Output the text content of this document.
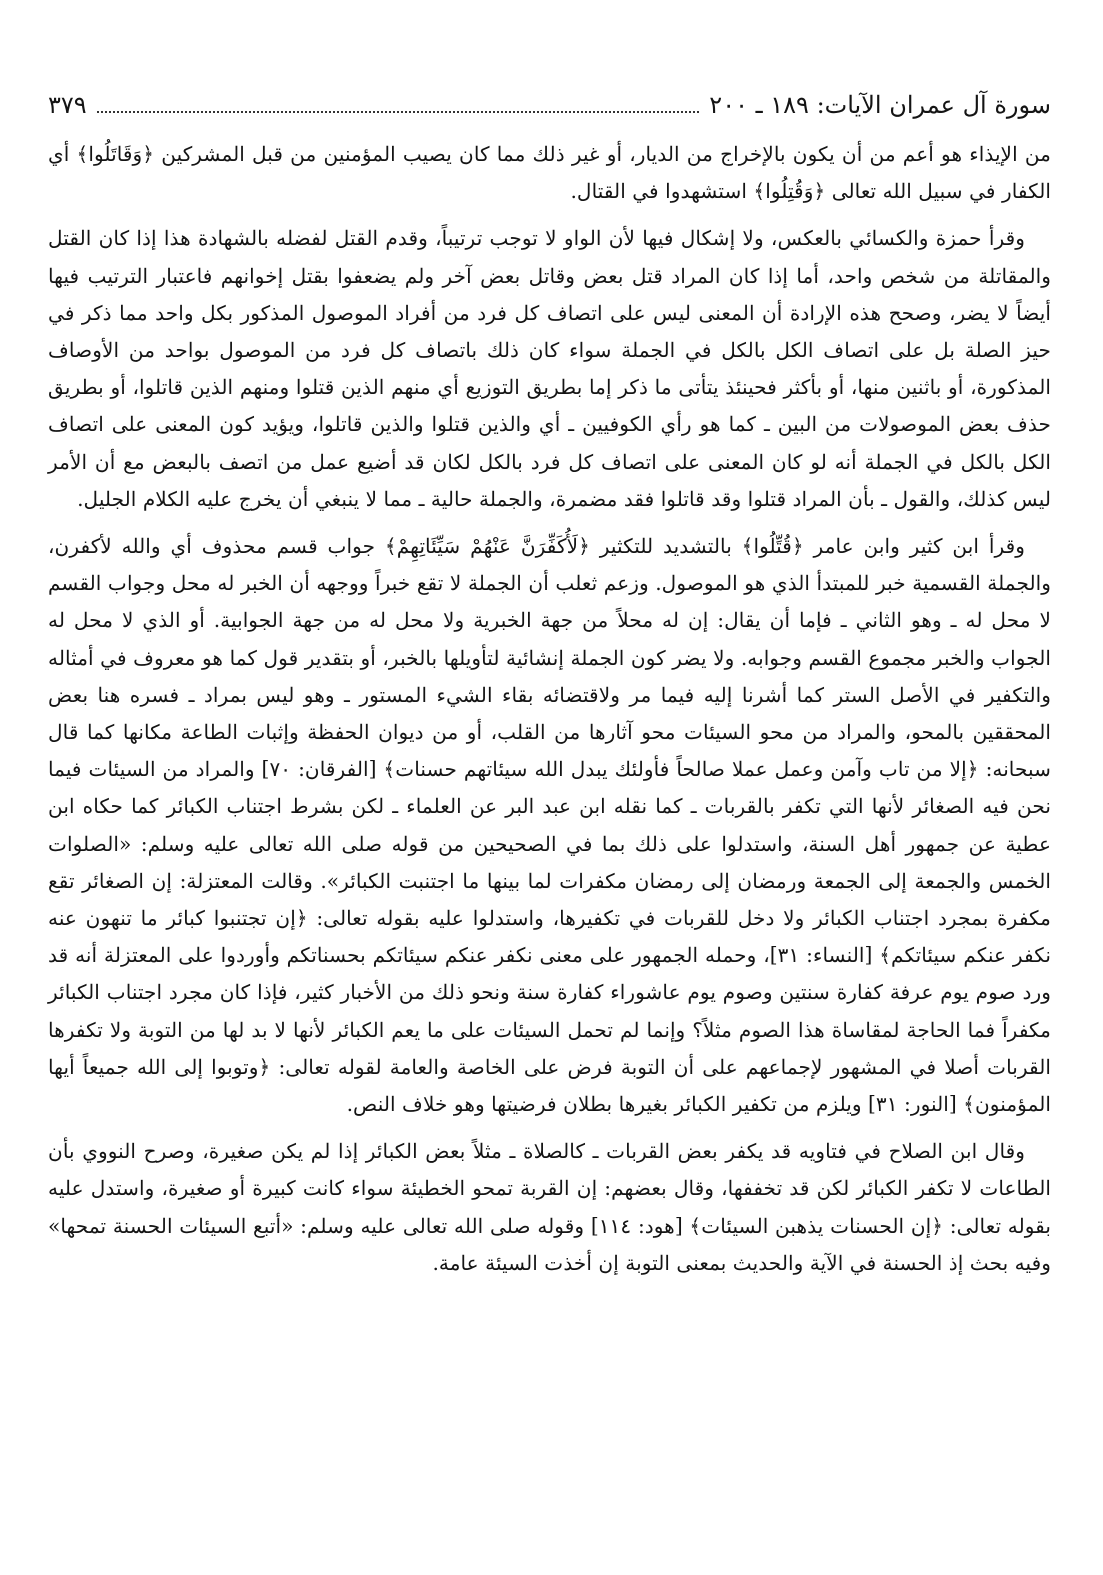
سورة آل عمران الآيات: ١٨٩ ـ ٢٠٠
٣٧٩

من الإيذاء هو أعم من أن يكون بالإخراج من الديار، أو غير ذلك مما كان يصيب المؤمنين من قبل المشركين ﴿وَقَاتَلُوا﴾ أي الكفار في سبيل الله تعالى ﴿وَقُتِلُوا﴾ استشهدوا في القتال.

وقرأ حمزة والكسائي بالعكس، ولا إشكال فيها لأن الواو لا توجب ترتيباً، وقدم القتل لفضله بالشهادة هذا إذا كان القتل والمقاتلة من شخص واحد، أما إذا كان المراد قتل بعض وقاتل بعض آخر ولم يضعفوا بقتل إخوانهم فاعتبار الترتيب فيها أيضاً لا يضر، وصحح هذه الإرادة أن المعنى ليس على اتصاف كل فرد من أفراد الموصول المذكور بكل واحد مما ذكر في حيز الصلة بل على اتصاف الكل بالكل في الجملة سواء كان ذلك باتصاف كل فرد من الموصول بواحد من الأوصاف المذكورة، أو باثنين منها، أو بأكثر فحينئذ يتأتى ما ذكر إما بطريق التوزيع أي منهم الذين قتلوا ومنهم الذين قاتلوا، أو بطريق حذف بعض الموصولات من البين ـ كما هو رأي الكوفيين ـ أي والذين قتلوا والذين قاتلوا، ويؤيد كون المعنى على اتصاف الكل بالكل في الجملة أنه لو كان المعنى على اتصاف كل فرد بالكل لكان قد أضيع عمل من اتصف بالبعض مع أن الأمر ليس كذلك، والقول ـ بأن المراد قتلوا وقد قاتلوا فقد مضمرة، والجملة حالية ـ مما لا ينبغي أن يخرج عليه الكلام الجليل.

وقرأ ابن كثير وابن عامر ﴿قُتِّلُوا﴾ بالتشديد للتكثير ﴿لَأُكَفِّرَنَّ عَنْهُمْ سَيِّئَاتِهِمْ﴾ جواب قسم محذوف أي والله لأكفرن، والجملة القسمية خبر للمبتدأ الذي هو الموصول. وزعم ثعلب أن الجملة لا تقع خبراً ووجهه أن الخبر له محل وجواب القسم لا محل له ـ وهو الثاني ـ فإما أن يقال: إن له محلاً من جهة الخبرية ولا محل له من جهة الجوابية. أو الذي لا محل له الجواب والخبر مجموع القسم وجوابه. ولا يضر كون الجملة إنشائية لتأويلها بالخبر، أو بتقدير قول كما هو معروف في أمثاله والتكفير في الأصل الستر كما أشرنا إليه فيما مر ولاقتضائه بقاء الشيء المستور ـ وهو ليس بمراد ـ فسره هنا بعض المحققين بالمحو، والمراد من محو السيئات محو آثارها من القلب، أو من ديوان الحفظة وإثبات الطاعة مكانها كما قال سبحانه: ﴿إلا من تاب وآمن وعمل عملا صالحاً فأولئك يبدل الله سيئاتهم حسنات﴾ [الفرقان: ٧٠] والمراد من السيئات فيما نحن فيه الصغائر لأنها التي تكفر بالقربات ـ كما نقله ابن عبد البر عن العلماء ـ لكن بشرط اجتناب الكبائر كما حكاه ابن عطية عن جمهور أهل السنة، واستدلوا على ذلك بما في الصحيحين من قوله صلى الله تعالى عليه وسلم: «الصلوات الخمس والجمعة إلى الجمعة ورمضان إلى رمضان مكفرات لما بينها ما اجتنبت الكبائر». وقالت المعتزلة: إن الصغائر تقع مكفرة بمجرد اجتناب الكبائر ولا دخل للقربات في تكفيرها، واستدلوا عليه بقوله تعالى: ﴿إن تجتنبوا كبائر ما تنهون عنه نكفر عنكم سيئاتكم﴾ [النساء: ٣١]، وحمله الجمهور على معنى نكفر عنكم سيئاتكم بحسناتكم وأوردوا على المعتزلة أنه قد ورد صوم يوم عرفة كفارة سنتين وصوم يوم عاشوراء كفارة سنة ونحو ذلك من الأخبار كثير، فإذا كان مجرد اجتناب الكبائر مكفراً فما الحاجة لمقاساة هذا الصوم مثلاً؟ وإنما لم تحمل السيئات على ما يعم الكبائر لأنها لا بد لها من التوبة ولا تكفرها القربات أصلا في المشهور لإجماعهم على أن التوبة فرض على الخاصة والعامة لقوله تعالى: ﴿وتوبوا إلى الله جميعاً أيها المؤمنون﴾ [النور: ٣١] ويلزم من تكفير الكبائر بغيرها بطلان فرضيتها وهو خلاف النص.

وقال ابن الصلاح في فتاويه قد يكفر بعض القربات ـ كالصلاة ـ مثلاً بعض الكبائر إذا لم يكن صغيرة، وصرح النووي بأن الطاعات لا تكفر الكبائر لكن قد تخففها، وقال بعضهم: إن القربة تمحو الخطيئة سواء كانت كبيرة أو صغيرة، واستدل عليه بقوله تعالى: ﴿إن الحسنات يذهبن السيئات﴾ [هود: ١١٤] وقوله صلى الله تعالى عليه وسلم: «أتبع السيئات الحسنة تمحها» وفيه بحث إذ الحسنة في الآية والحديث بمعنى التوبة إن أخذت السيئة عامة.
